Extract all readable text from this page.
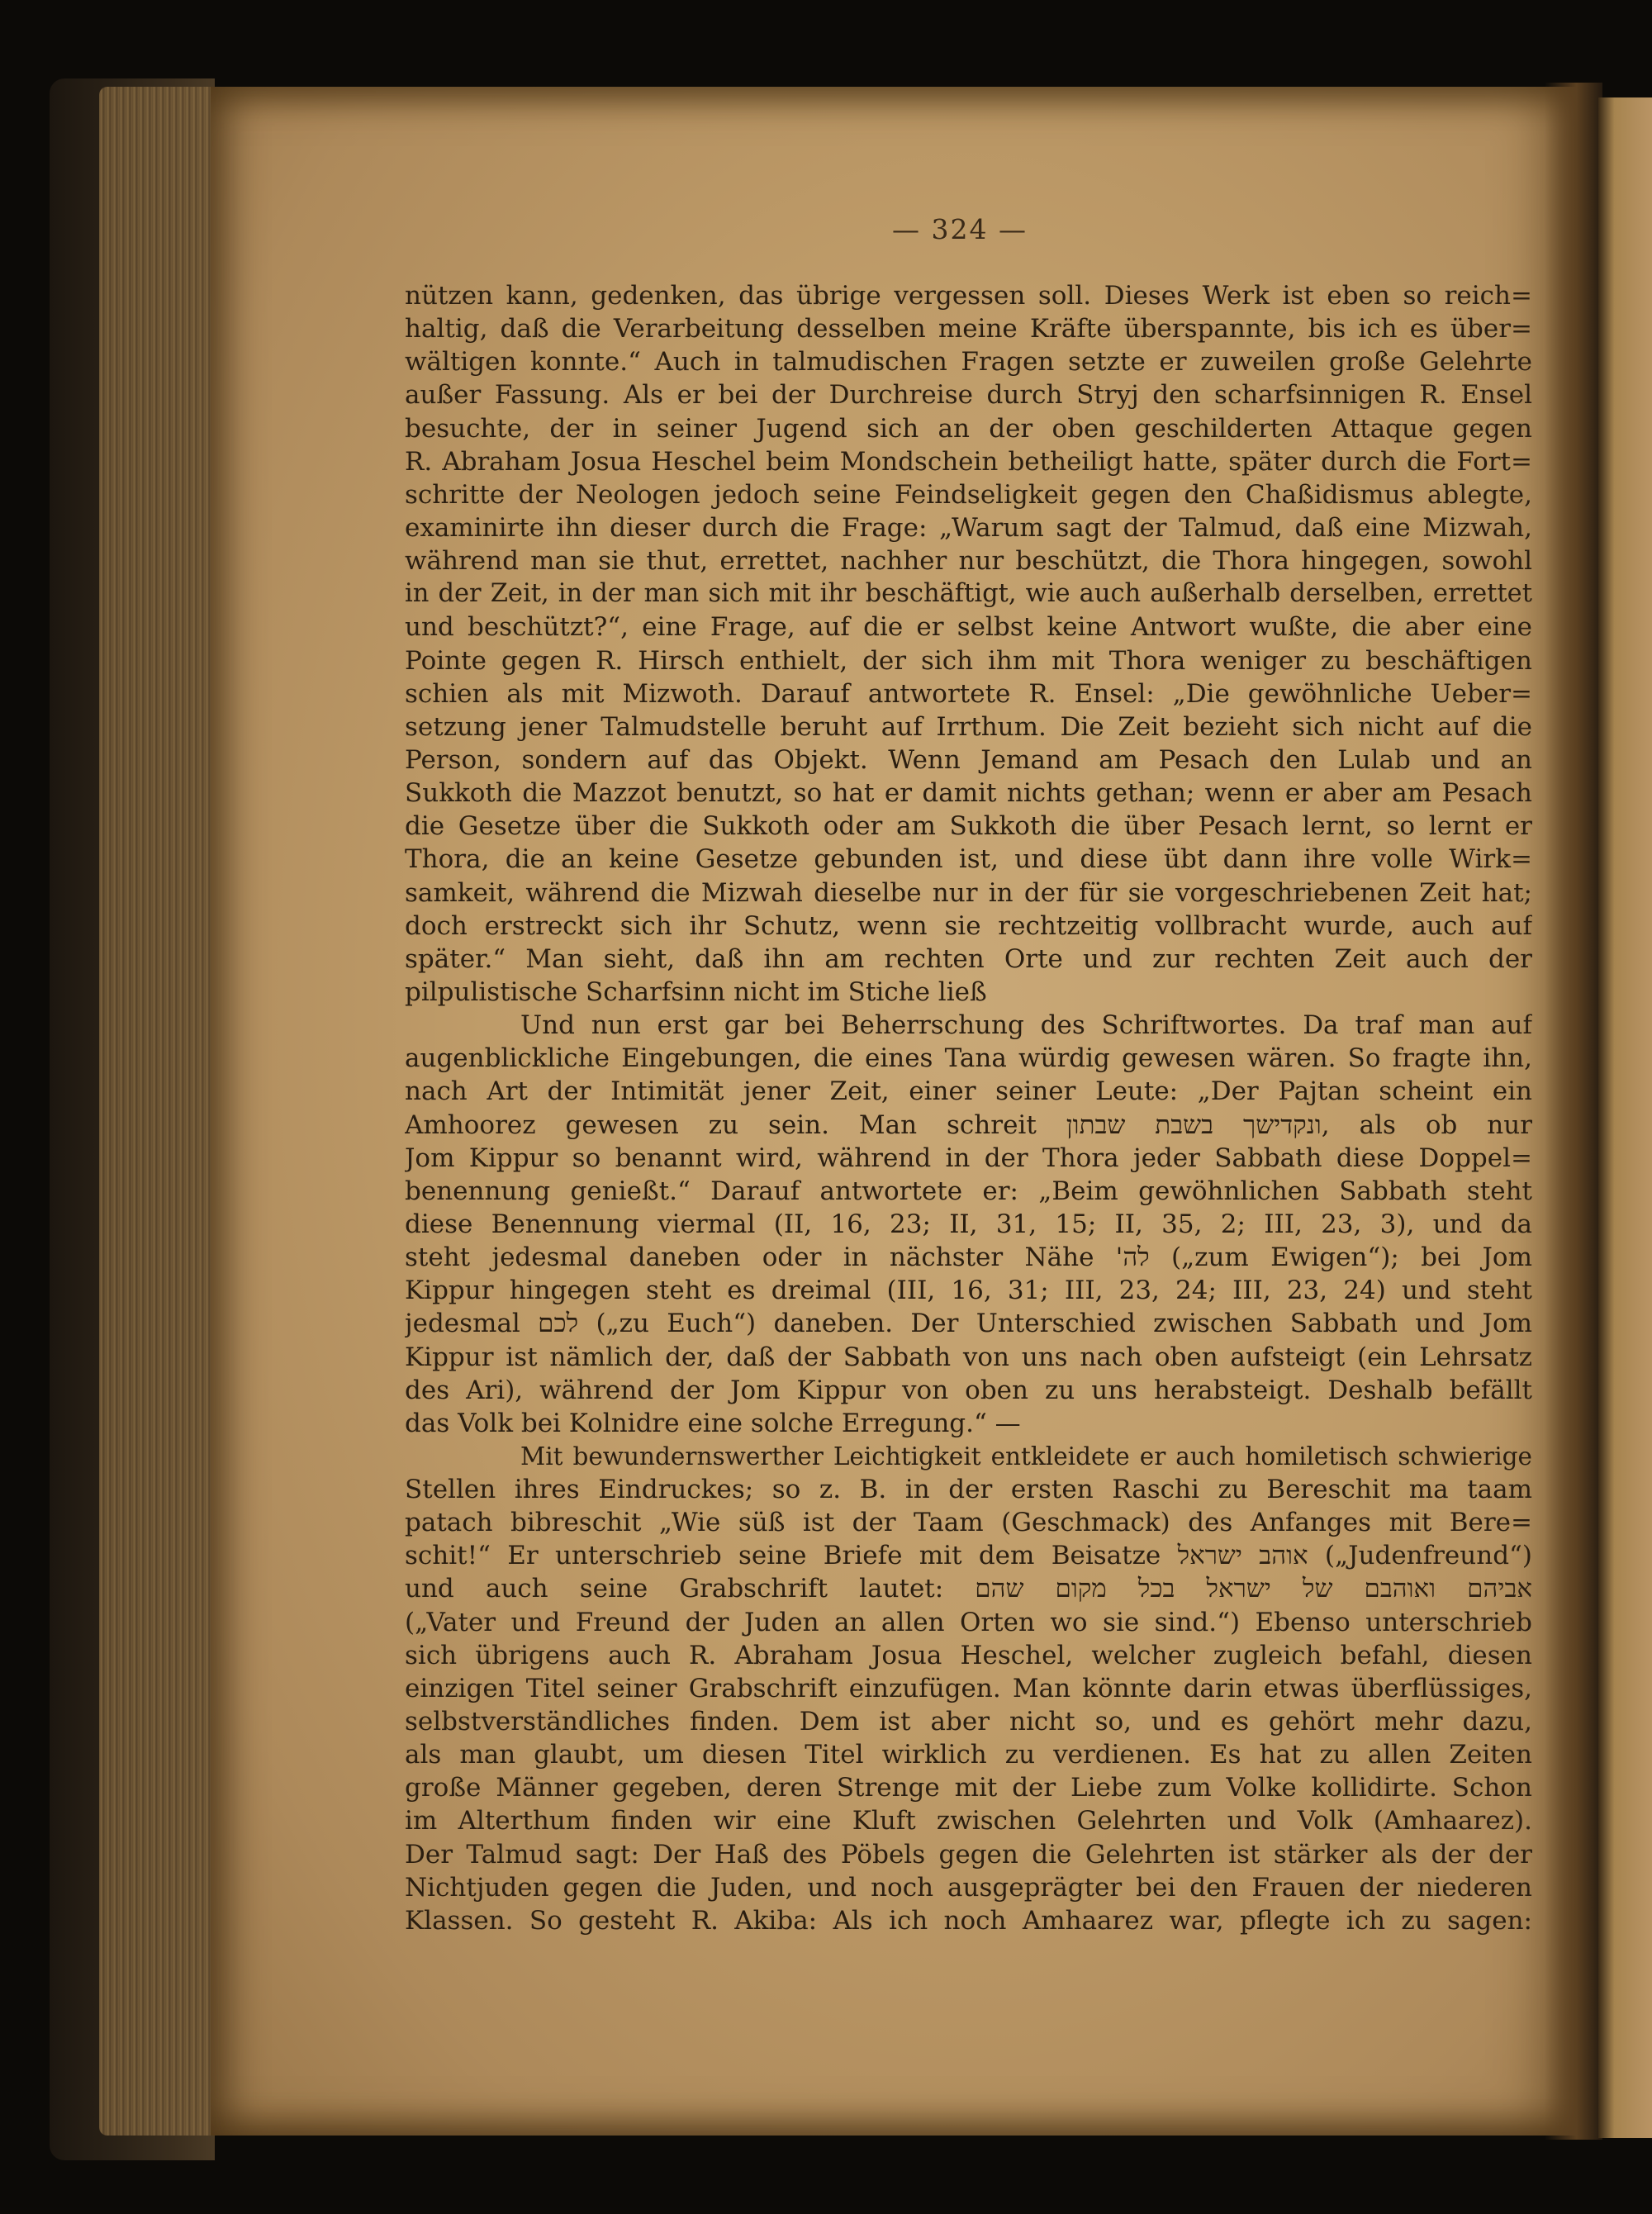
— 324 —
nützen kann, gedenken, das übrige vergessen soll. Dieses Werk ist eben so reich=
haltig, daß die Verarbeitung desselben meine Kräfte überspannte, bis ich es über=
wältigen konnte.“ Auch in talmudischen Fragen setzte er zuweilen große Gelehrte
außer Fassung. Als er bei der Durchreise durch Stryj den scharfsinnigen R. Ensel
besuchte, der in seiner Jugend sich an der oben geschilderten Attaque gegen
R. Abraham Josua Heschel beim Mondschein betheiligt hatte, später durch die Fort=
schritte der Neologen jedoch seine Feindseligkeit gegen den Chaßidismus ablegte,
examinirte ihn dieser durch die Frage: „Warum sagt der Talmud, daß eine Mizwah,
während man sie thut, errettet, nachher nur beschützt, die Thora hingegen, sowohl
in der Zeit, in der man sich mit ihr beschäftigt, wie auch außerhalb derselben, errettet
und beschützt?“, eine Frage, auf die er selbst keine Antwort wußte, die aber eine
Pointe gegen R. Hirsch enthielt, der sich ihm mit Thora weniger zu beschäftigen
schien als mit Mizwoth. Darauf antwortete R. Ensel: „Die gewöhnliche Ueber=
setzung jener Talmudstelle beruht auf Irrthum. Die Zeit bezieht sich nicht auf die
Person, sondern auf das Objekt. Wenn Jemand am Pesach den Lulab und an
Sukkoth die Mazzot benutzt, so hat er damit nichts gethan; wenn er aber am Pesach
die Gesetze über die Sukkoth oder am Sukkoth die über Pesach lernt, so lernt er
Thora, die an keine Gesetze gebunden ist, und diese übt dann ihre volle Wirk=
samkeit, während die Mizwah dieselbe nur in der für sie vorgeschriebenen Zeit hat;
doch erstreckt sich ihr Schutz, wenn sie rechtzeitig vollbracht wurde, auch auf
später.“ Man sieht, daß ihn am rechten Orte und zur rechten Zeit auch der
pilpulistische Scharfsinn nicht im Stiche ließ
Und nun erst gar bei Beherrschung des Schriftwortes. Da traf man auf
augenblickliche Eingebungen, die eines Tana würdig gewesen wären. So fragte ihn,
nach Art der Intimität jener Zeit, einer seiner Leute: „Der Pajtan scheint ein
Amhoorez gewesen zu sein. Man schreit ונקדישך בשבת שבתון, als ob nur
Jom Kippur so benannt wird, während in der Thora jeder Sabbath diese Doppel=
benennung genießt.“ Darauf antwortete er: „Beim gewöhnlichen Sabbath steht
diese Benennung viermal (II, 16, 23; II, 31, 15; II, 35, 2; III, 23, 3), und da
steht jedesmal daneben oder in nächster Nähe 'לה („zum Ewigen“); bei Jom
Kippur hingegen steht es dreimal (III, 16, 31; III, 23, 24; III, 23, 24) und steht
jedesmal לכם („zu Euch“) daneben. Der Unterschied zwischen Sabbath und Jom
Kippur ist nämlich der, daß der Sabbath von uns nach oben aufsteigt (ein Lehrsatz
des Ari), während der Jom Kippur von oben zu uns herabsteigt. Deshalb befällt
das Volk bei Kolnidre eine solche Erregung.“ —
Mit bewundernswerther Leichtigkeit entkleidete er auch homiletisch schwierige
Stellen ihres Eindruckes; so z. B. in der ersten Raschi zu Bereschit ma taam
patach bibreschit „Wie süß ist der Taam (Geschmack) des Anfanges mit Bere=
schit!“ Er unterschrieb seine Briefe mit dem Beisatze אוהב ישראל („Judenfreund“)
und auch seine Grabschrift lautet: אביהם ואוהבם של ישראל בכל מקום שהם
(„Vater und Freund der Juden an allen Orten wo sie sind.“) Ebenso unterschrieb
sich übrigens auch R. Abraham Josua Heschel, welcher zugleich befahl, diesen
einzigen Titel seiner Grabschrift einzufügen. Man könnte darin etwas überflüssiges,
selbstverständliches finden. Dem ist aber nicht so, und es gehört mehr dazu,
als man glaubt, um diesen Titel wirklich zu verdienen. Es hat zu allen Zeiten
große Männer gegeben, deren Strenge mit der Liebe zum Volke kollidirte. Schon
im Alterthum finden wir eine Kluft zwischen Gelehrten und Volk (Amhaarez).
Der Talmud sagt: Der Haß des Pöbels gegen die Gelehrten ist stärker als der der
Nichtjuden gegen die Juden, und noch ausgeprägter bei den Frauen der niederen
Klassen. So gesteht R. Akiba: Als ich noch Amhaarez war, pflegte ich zu sagen:
